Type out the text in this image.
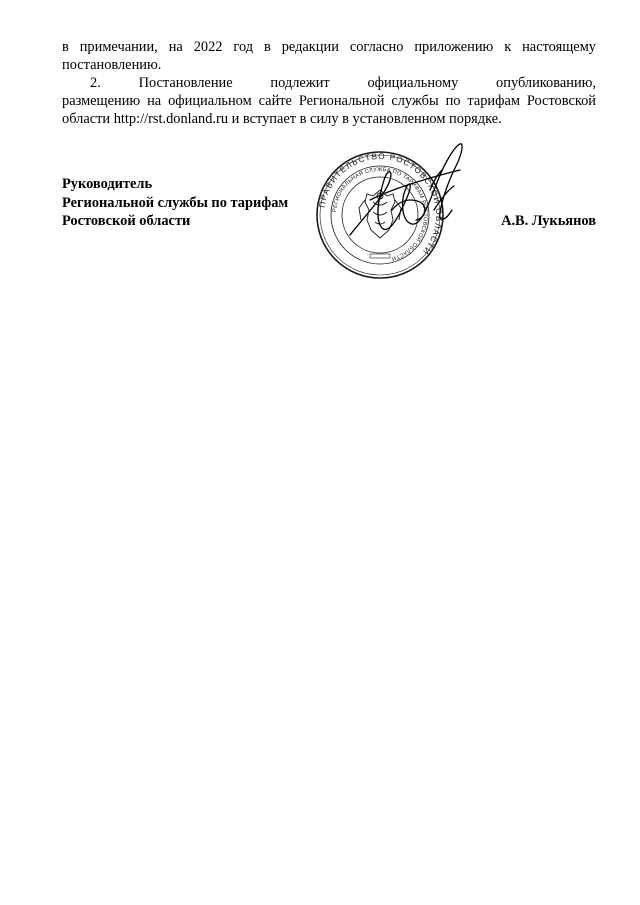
в примечании, на 2022 год в редакции согласно приложению к настоящему
постановлению.
2. Постановление подлежит официальному опубликованию,
размещению на официальном сайте Региональной службы по тарифам Ростовской области http://rst.donland.ru и вступает в силу в установленном порядке.
Руководитель
Региональной службы по тарифам
Ростовской области	А.В. Лукьянов
ПРАВИТЕЛЬСТВО РОСТОВСКОЙ ОБЛАСТИ
РЕГИОНАЛЬНАЯ СЛУЖБА ПО ТАРИФАМ РОСТОВСКОЙ ОБЛАСТИ
